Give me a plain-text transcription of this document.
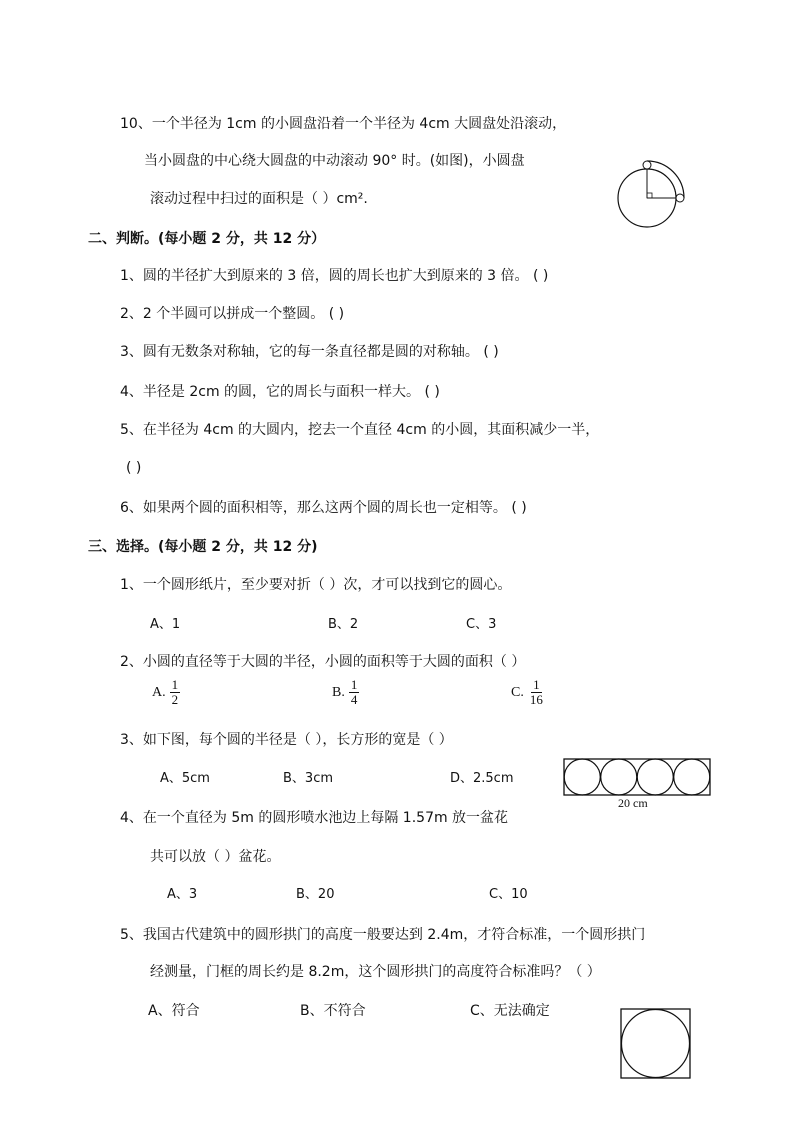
10、一个半径为 1cm 的小圆盘沿着一个半径为 4cm 大圆盘处沿滚动，
当小圆盘的中心绕大圆盘的中动滚动 90° 时。(如图)，小圆盘
滚动过程中扫过的面积是（ ）cm².
二、判断。(每小题 2 分，共 12 分）
1、圆的半径扩大到原来的 3 倍，圆的周长也扩大到原来的 3 倍。 ( )
2、2 个半圆可以拼成一个整圆。 ( )
3、圆有无数条对称轴，它的每一条直径都是圆的对称轴。 ( )
4、半径是 2cm 的圆，它的周长与面积一样大。 ( )
5、在半径为 4cm 的大圆内，挖去一个直径 4cm 的小圆，其面积减少一半，
( )
6、如果两个圆的面积相等，那么这两个圆的周长也一定相等。 ( )
三、选择。(每小题 2 分，共 12 分)
1、一个圆形纸片，至少要对折（ ）次，才可以找到它的圆心。
A、1	B、2	C、3
2、小圆的直径等于大圆的半径，小圆的面积等于大圆的面积（ ）
A. $\frac{1}{2}$	B. $\frac{1}{4}$	C. $\frac{1}{16}$
3、如下图，每个圆的半径是（ ），长方形的宽是（ ）
A、5cm	B、3cm	D、2.5cm
20 cm
4、在一个直径为 5m 的圆形喷水池边上每隔 1.57m 放一盆花
共可以放（ ）盆花。
A、3	B、20	C、10
5、我国古代建筑中的圆形拱门的高度一般要达到 2.4m，才符合标准，一个圆形拱门
经测量，门框的周长约是 8.2m，这个圆形拱门的高度符合标准吗？（ ）
A、符合	B、不符合	C、无法确定
